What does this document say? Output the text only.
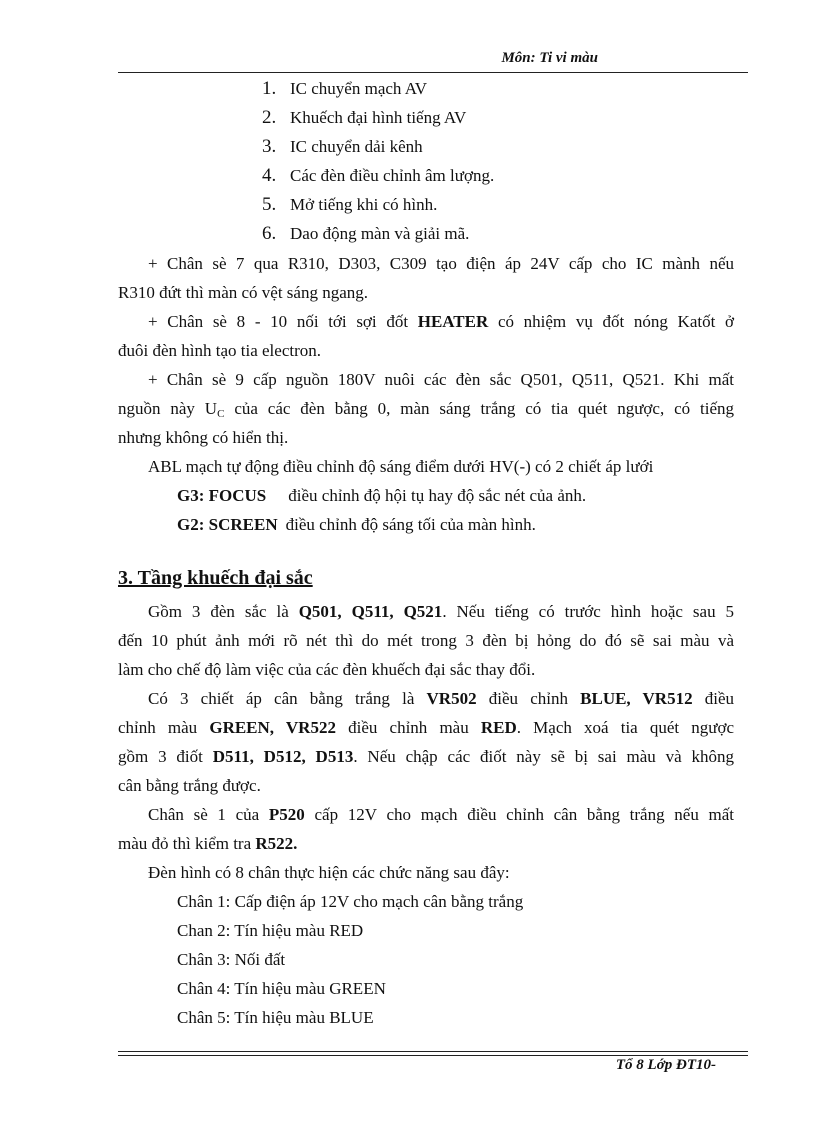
Môn: Ti vi màu
1. IC chuyển mạch AV
2. Khuếch đại hình tiếng AV
3. IC chuyển dải kênh
4. Các đèn điều chỉnh âm lượng.
5. Mở tiếng khi có hình.
6. Dao động màn và giải mã.
+ Chân sè 7 qua R310, D303, C309 tạo điện áp 24V cấp cho IC mành nếu
R310 đứt thì màn có vệt sáng ngang.
+ Chân sè 8 - 10 nối tới sợi đốt HEATER có nhiệm vụ đốt nóng Katốt ở
đuôi đèn hình tạo tia electron.
+ Chân sè 9 cấp nguồn 180V nuôi các đèn sắc Q501, Q511, Q521. Khi mất
nguồn này $U_C$ của các đèn bằng 0, màn sáng trắng có tia quét ngược, có tiếng
nhưng không có hiển thị.
ABL mạch tự động điều chỉnh độ sáng điểm dưới HV(-) có 2 chiết áp lưới
G3: FOCUS điều chỉnh độ hội tụ hay độ sắc nét của ảnh.
G2: SCREEN điều chỉnh độ sáng tối của màn hình.
3. Tầng khuếch đại sắc
Gồm 3 đèn sắc là Q501, Q511, Q521. Nếu tiếng có trước hình hoặc sau 5
đến 10 phút ảnh mới rõ nét thì do mét trong 3 đèn bị hỏng do đó sẽ sai màu và
làm cho chế độ làm việc của các đèn khuếch đại sắc thay đổi.
Có 3 chiết áp cân bằng trắng là VR502 điều chỉnh BLUE, VR512 điều
chỉnh màu GREEN, VR522 điều chỉnh màu RED. Mạch xoá tia quét ngược
gồm 3 điốt D511, D512, D513. Nếu chập các điốt này sẽ bị sai màu và không
cân bằng trắng được.
Chân sè 1 của P520 cấp 12V cho mạch điều chỉnh cân bằng trắng nếu mất
màu đỏ thì kiểm tra R522.
Đèn hình có 8 chân thực hiện các chức năng sau đây:
Chân 1: Cấp điện áp 12V cho mạch cân bằng trắng
Chan 2: Tín hiệu màu RED
Chân 3: Nối đất
Chân 4: Tín hiệu màu GREEN
Chân 5: Tín hiệu màu BLUE
Tổ 8 Lớp ĐT10-
